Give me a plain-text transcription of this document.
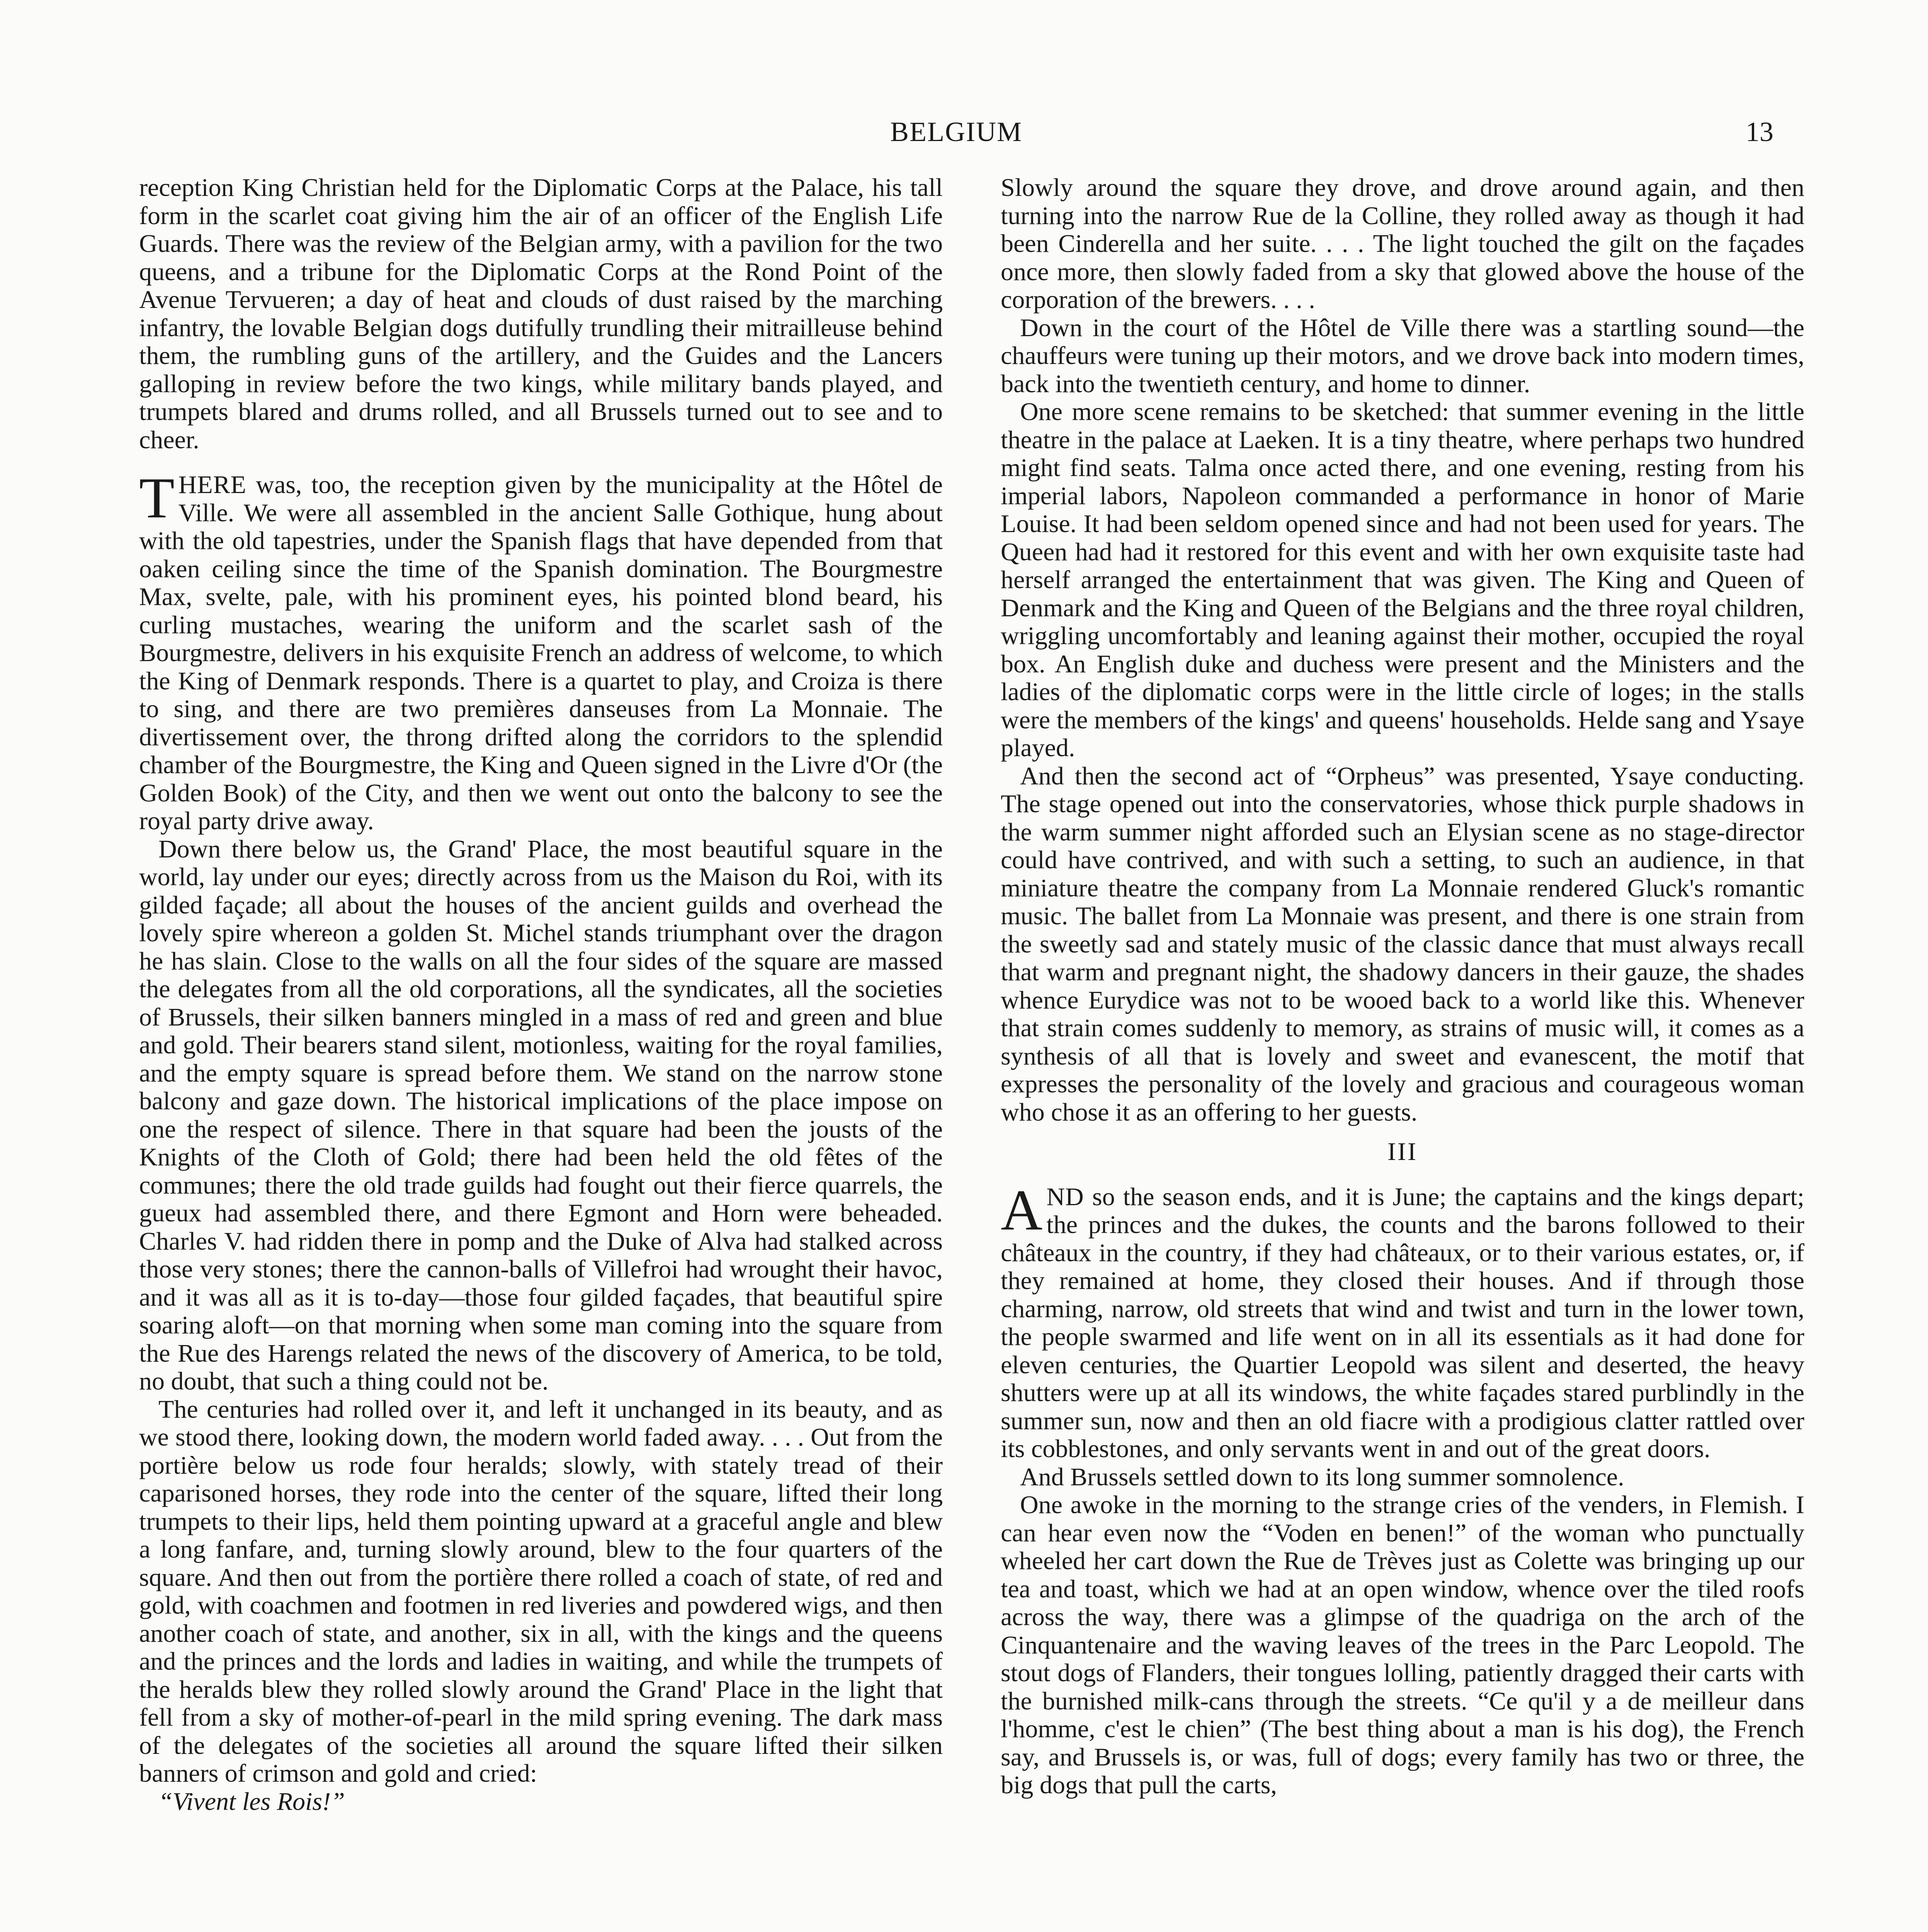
BELGIUM	13

reception King Christian held for the Diplomatic Corps at the Palace, his tall form in the scarlet coat giving him the air of an officer of the English Life Guards. There was the review of the Belgian army, with a pavilion for the two queens, and a tribune for the Diplomatic Corps at the Rond Point of the Avenue Tervueren; a day of heat and clouds of dust raised by the marching infantry, the lovable Belgian dogs dutifully trundling their mitrailleuse behind them, the rumbling guns of the artillery, and the Guides and the Lancers galloping in review before the two kings, while military bands played, and trumpets blared and drums rolled, and all Brussels turned out to see and to cheer.

THERE was, too, the reception given by the municipality at the Hôtel de Ville. We were all assembled in the ancient Salle Gothique, hung about with the old tapestries, under the Spanish flags that have depended from that oaken ceiling since the time of the Spanish domination. The Bourgmestre Max, svelte, pale, with his prominent eyes, his pointed blond beard, his curling mustaches, wearing the uniform and the scarlet sash of the Bourgmestre, delivers in his exquisite French an address of welcome, to which the King of Denmark responds. There is a quartet to play, and Croiza is there to sing, and there are two premières danseuses from La Monnaie. The divertissement over, the throng drifted along the corridors to the splendid chamber of the Bourgmestre, the King and Queen signed in the Livre d'Or (the Golden Book) of the City, and then we went out onto the balcony to see the royal party drive away.

Down there below us, the Grand' Place, the most beautiful square in the world, lay under our eyes; directly across from us the Maison du Roi, with its gilded façade; all about the houses of the ancient guilds and overhead the lovely spire whereon a golden St. Michel stands triumphant over the dragon he has slain. Close to the walls on all the four sides of the square are massed the delegates from all the old corporations, all the syndicates, all the societies of Brussels, their silken banners mingled in a mass of red and green and blue and gold. Their bearers stand silent, motionless, waiting for the royal families, and the empty square is spread before them. We stand on the narrow stone balcony and gaze down. The historical implications of the place impose on one the respect of silence. There in that square had been the jousts of the Knights of the Cloth of Gold; there had been held the old fêtes of the communes; there the old trade guilds had fought out their fierce quarrels, the gueux had assembled there, and there Egmont and Horn were beheaded. Charles V. had ridden there in pomp and the Duke of Alva had stalked across those very stones; there the cannon-balls of Villefroi had wrought their havoc, and it was all as it is to-day—those four gilded façades, that beautiful spire soaring aloft—on that morning when some man coming into the square from the Rue des Harengs related the news of the discovery of America, to be told, no doubt, that such a thing could not be.

The centuries had rolled over it, and left it unchanged in its beauty, and as we stood there, looking down, the modern world faded away. . . . Out from the portière below us rode four heralds; slowly, with stately tread of their caparisoned horses, they rode into the center of the square, lifted their long trumpets to their lips, held them pointing upward at a graceful angle and blew a long fanfare, and, turning slowly around, blew to the four quarters of the square. And then out from the portière there rolled a coach of state, of red and gold, with coachmen and footmen in red liveries and powdered wigs, and then another coach of state, and another, six in all, with the kings and the queens and the princes and the lords and ladies in waiting, and while the trumpets of the heralds blew they rolled slowly around the Grand' Place in the light that fell from a sky of mother-of-pearl in the mild spring evening. The dark mass of the delegates of the societies all around the square lifted their silken banners of crimson and gold and cried:

“Vivent les Rois!”

Slowly around the square they drove, and drove around again, and then turning into the narrow Rue de la Colline, they rolled away as though it had been Cinderella and her suite. . . . The light touched the gilt on the façades once more, then slowly faded from a sky that glowed above the house of the corporation of the brewers. . . .

Down in the court of the Hôtel de Ville there was a startling sound—the chauffeurs were tuning up their motors, and we drove back into modern times, back into the twentieth century, and home to dinner.

One more scene remains to be sketched: that summer evening in the little theatre in the palace at Laeken. It is a tiny theatre, where perhaps two hundred might find seats. Talma once acted there, and one evening, resting from his imperial labors, Napoleon commanded a performance in honor of Marie Louise. It had been seldom opened since and had not been used for years. The Queen had had it restored for this event and with her own exquisite taste had herself arranged the entertainment that was given. The King and Queen of Denmark and the King and Queen of the Belgians and the three royal children, wriggling uncomfortably and leaning against their mother, occupied the royal box. An English duke and duchess were present and the Ministers and the ladies of the diplomatic corps were in the little circle of loges; in the stalls were the members of the kings' and queens' households. Helde sang and Ysaye played.

And then the second act of “Orpheus” was presented, Ysaye conducting. The stage opened out into the conservatories, whose thick purple shadows in the warm summer night afforded such an Elysian scene as no stage-director could have contrived, and with such a setting, to such an audience, in that miniature theatre the company from La Monnaie rendered Gluck's romantic music. The ballet from La Monnaie was present, and there is one strain from the sweetly sad and stately music of the classic dance that must always recall that warm and pregnant night, the shadowy dancers in their gauze, the shades whence Eurydice was not to be wooed back to a world like this. Whenever that strain comes suddenly to memory, as strains of music will, it comes as a synthesis of all that is lovely and sweet and evanescent, the motif that expresses the personality of the lovely and gracious and courageous woman who chose it as an offering to her guests.

III

AND so the season ends, and it is June; the captains and the kings depart; the princes and the dukes, the counts and the barons followed to their châteaux in the country, if they had châteaux, or to their various estates, or, if they remained at home, they closed their houses. And if through those charming, narrow, old streets that wind and twist and turn in the lower town, the people swarmed and life went on in all its essentials as it had done for eleven centuries, the Quartier Leopold was silent and deserted, the heavy shutters were up at all its windows, the white façades stared purblindly in the summer sun, now and then an old fiacre with a prodigious clatter rattled over its cobblestones, and only servants went in and out of the great doors.

And Brussels settled down to its long summer somnolence.

One awoke in the morning to the strange cries of the venders, in Flemish. I can hear even now the “Voden en benen!” of the woman who punctually wheeled her cart down the Rue de Trèves just as Colette was bringing up our tea and toast, which we had at an open window, whence over the tiled roofs across the way, there was a glimpse of the quadriga on the arch of the Cinquantenaire and the waving leaves of the trees in the Parc Leopold. The stout dogs of Flanders, their tongues lolling, patiently dragged their carts with the burnished milk-cans through the streets. “Ce qu'il y a de meilleur dans l'homme, c'est le chien” (The best thing about a man is his dog), the French say, and Brussels is, or was, full of dogs; every family has two or three, the big dogs that pull the carts,
